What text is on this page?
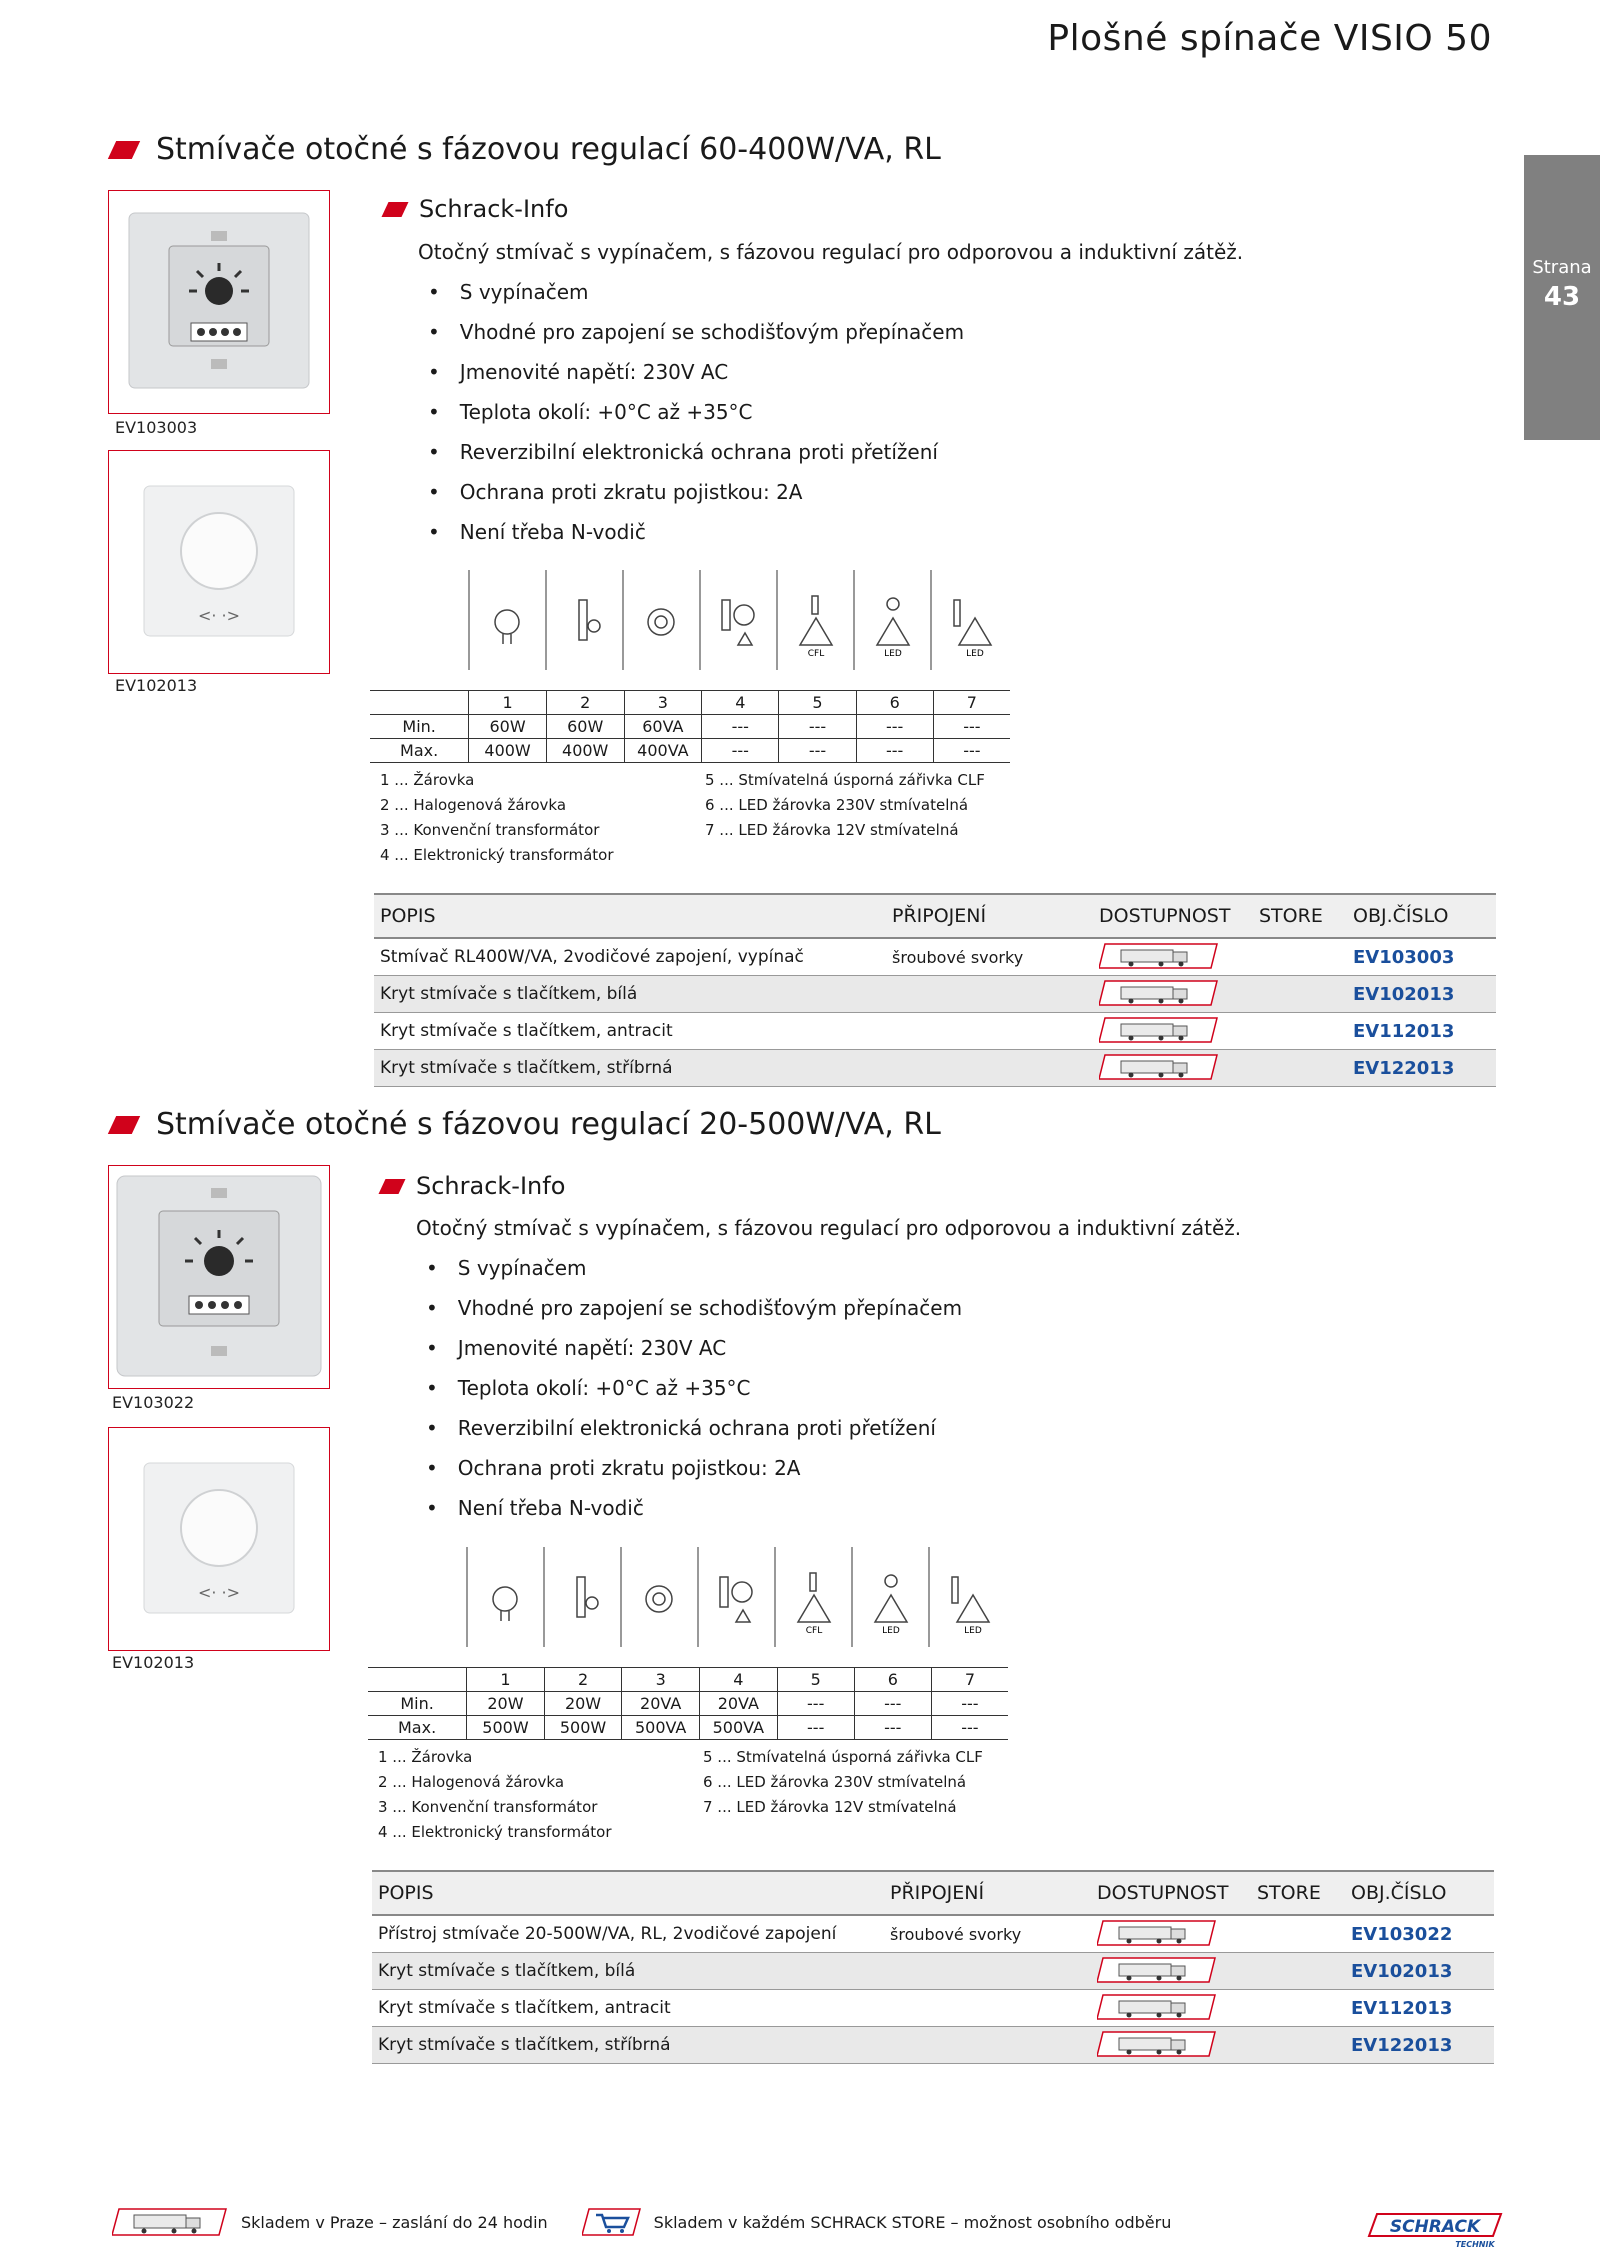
Plošné spínače VISIO 50
Strana
43
Stmívače otočné s fázovou regulací 60-400W/VA, RL
EV103003
<· ·>
EV102013
Schrack-Info
Otočný stmívač s vypínačem, s fázovou regulací pro odporovou a induktivní zátěž.
• S vypínačem
• Vhodné pro zapojení se schodišťovým přepínačem
• Jmenovité napětí: 230V AC
• Teplota okolí: +0°C až +35°C
• Reverzibilní elektronická ochrana proti přetížení
• Ochrana proti zkratu pojistkou: 2A
• Není třeba N-vodič
CFL	LED	LED
	1	2	3	4	5	6	7
Min.	60W	60W	60VA	---	---	---	---
Max.	400W	400W	400VA	---	---	---	---
1 ... Žárovka
2 ... Halogenová žárovka
3 ... Konvenční transformátor
4 ... Elektronický transformátor
5 ... Stmívatelná úsporná zářivka CLF
6 ... LED žárovka 230V stmívatelná
7 ... LED žárovka 12V stmívatelná
POPIS	PŘIPOJENÍ	DOSTUPNOST	STORE	OBJ.ČÍSLO
Stmívač RL400W/VA, 2vodičové zapojení, vypínač	šroubové svorky			EV103003
Kryt stmívače s tlačítkem, bílá				EV102013
Kryt stmívače s tlačítkem, antracit				EV112013
Kryt stmívače s tlačítkem, stříbrná				EV122013
Stmívače otočné s fázovou regulací 20-500W/VA, RL
EV103022
<· ·>
EV102013
Schrack-Info
Otočný stmívač s vypínačem, s fázovou regulací pro odporovou a induktivní zátěž.
• S vypínačem
• Vhodné pro zapojení se schodišťovým přepínačem
• Jmenovité napětí: 230V AC
• Teplota okolí: +0°C až +35°C
• Reverzibilní elektronická ochrana proti přetížení
• Ochrana proti zkratu pojistkou: 2A
• Není třeba N-vodič
CFL	LED	LED
	1	2	3	4	5	6	7
Min.	20W	20W	20VA	20VA	---	---	---
Max.	500W	500W	500VA	500VA	---	---	---
1 ... Žárovka
2 ... Halogenová žárovka
3 ... Konvenční transformátor
4 ... Elektronický transformátor
5 ... Stmívatelná úsporná zářivka CLF
6 ... LED žárovka 230V stmívatelná
7 ... LED žárovka 12V stmívatelná
POPIS	PŘIPOJENÍ	DOSTUPNOST	STORE	OBJ.ČÍSLO
Přístroj stmívače 20-500W/VA, RL, 2vodičové zapojení	šroubové svorky			EV103022
Kryt stmívače s tlačítkem, bílá				EV102013
Kryt stmívače s tlačítkem, antracit				EV112013
Kryt stmívače s tlačítkem, stříbrná				EV122013
Skladem v Praze – zaslání do 24 hodin	Skladem v každém SCHRACK STORE – možnost osobního odběru	SCHRACK
TECHNIK
